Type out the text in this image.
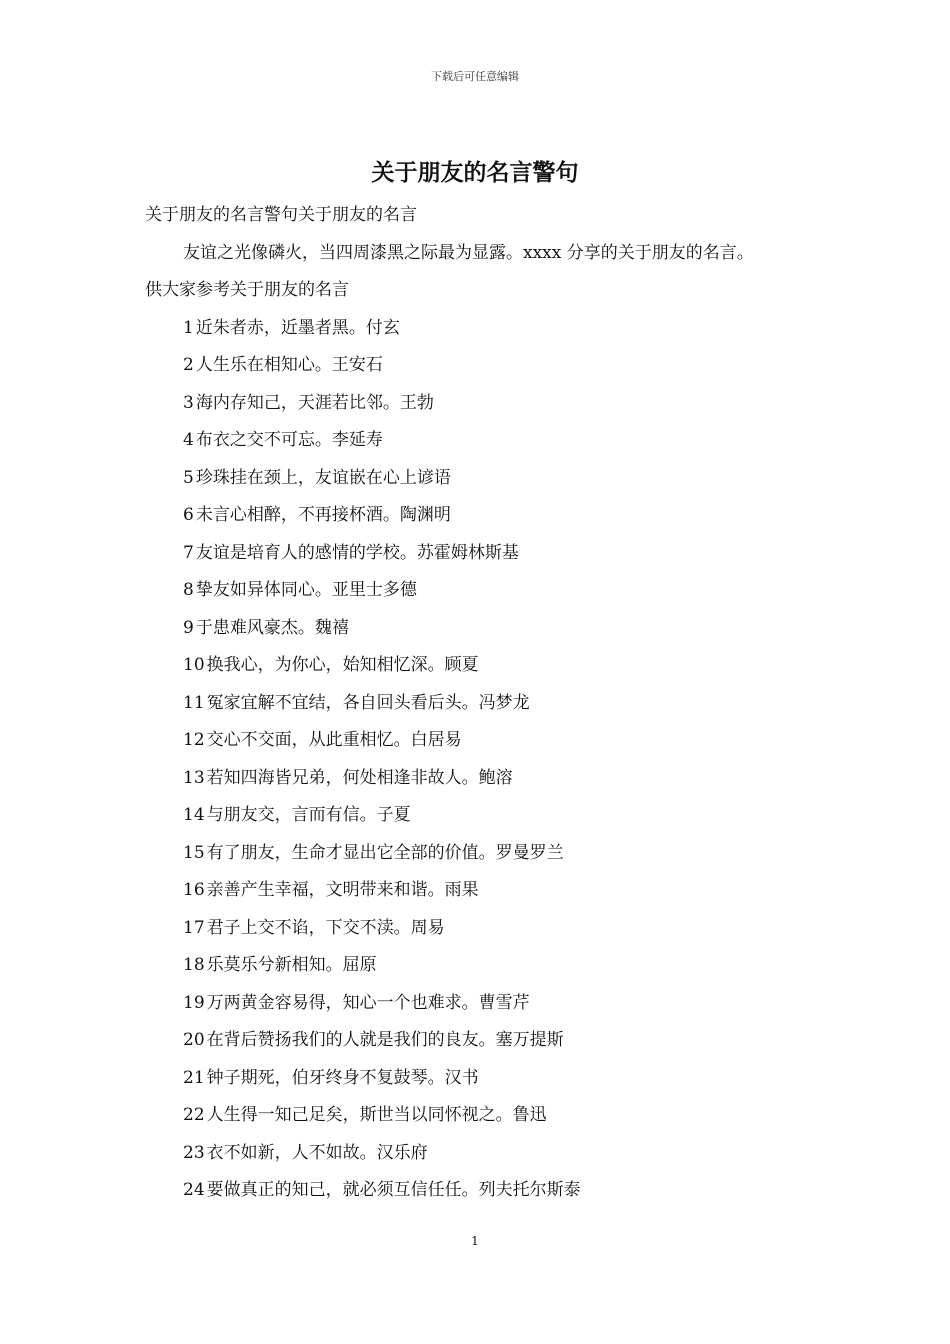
下载后可任意编辑
关于朋友的名言警句

关于朋友的名言警句关于朋友的名言

友谊之光像磷火，当四周漆黑之际最为显露。xxxx 分享的关于朋友的名言。

供大家参考关于朋友的名言

1 近朱者赤，近墨者黑。付玄
2 人生乐在相知心。王安石
3 海内存知己，天涯若比邻。王勃
4 布衣之交不可忘。李延寿
5 珍珠挂在颈上，友谊嵌在心上谚语
6 未言心相醉，不再接杯酒。陶渊明
7 友谊是培育人的感情的学校。苏霍姆林斯基
8 挚友如异体同心。亚里士多德
9 于患难风豪杰。魏禧
10 换我心，为你心，始知相忆深。顾夏
11 冤家宜解不宜结，各自回头看后头。冯梦龙
12 交心不交面，从此重相忆。白居易
13 若知四海皆兄弟，何处相逢非故人。鲍溶
14 与朋友交，言而有信。子夏
15 有了朋友，生命才显出它全部的价值。罗曼罗兰
16 亲善产生幸福，文明带来和谐。雨果
17 君子上交不谄，下交不渎。周易
18 乐莫乐兮新相知。屈原
19 万两黄金容易得，知心一个也难求。曹雪芹
20 在背后赞扬我们的人就是我们的良友。塞万提斯
21 钟子期死，伯牙终身不复鼓琴。汉书
22 人生得一知己足矣，斯世当以同怀视之。鲁迅
23 衣不如新，人不如故。汉乐府
24 要做真正的知己，就必须互信任任。列夫托尔斯泰
1
